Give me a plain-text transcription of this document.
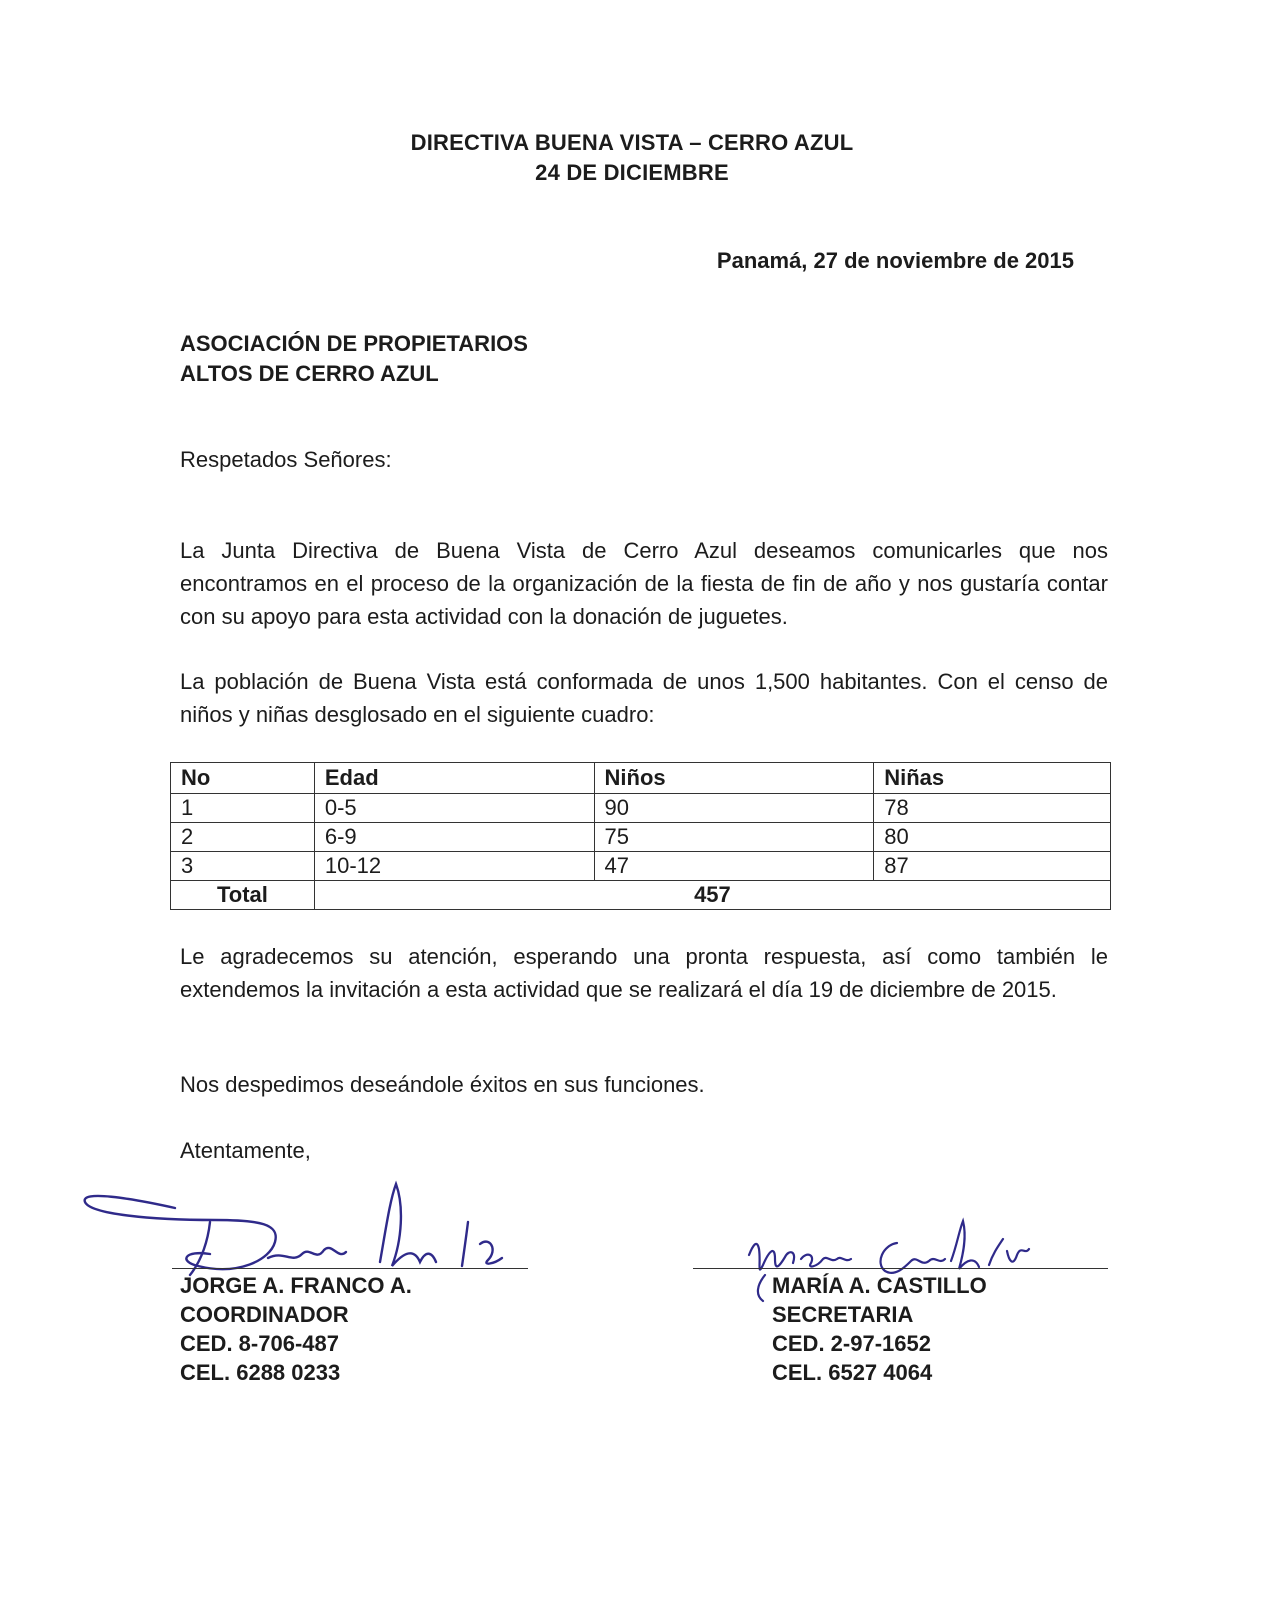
DIRECTIVA BUENA VISTA – CERRO AZUL
24 DE DICIEMBRE
Panamá, 27 de noviembre de 2015
ASOCIACIÓN DE PROPIETARIOS
ALTOS DE CERRO AZUL
Respetados Señores:
La Junta Directiva de Buena Vista de Cerro Azul deseamos comunicarles que nos encontramos en el proceso de la organización de la fiesta de fin de año y nos gustaría contar con su apoyo para esta actividad con la donación de juguetes.
La población de Buena Vista está conformada de unos 1,500 habitantes. Con el censo de niños y niñas desglosado en el siguiente cuadro:
No	Edad	Niños	Niñas
1	0-5	90	78
2	6-9	75	80
3	10-12	47	87
Total	457		
Le agradecemos su atención, esperando una pronta respuesta, así como también le extendemos la invitación a esta actividad que se realizará el día 19 de diciembre de 2015.
Nos despedimos deseándole éxitos en sus funciones.
Atentamente,
JORGE A. FRANCO A.
COORDINADOR
CED. 8-706-487
CEL. 6288 0233
MARÍA A. CASTILLO
SECRETARIA
CED. 2-97-1652
CEL. 6527 4064
